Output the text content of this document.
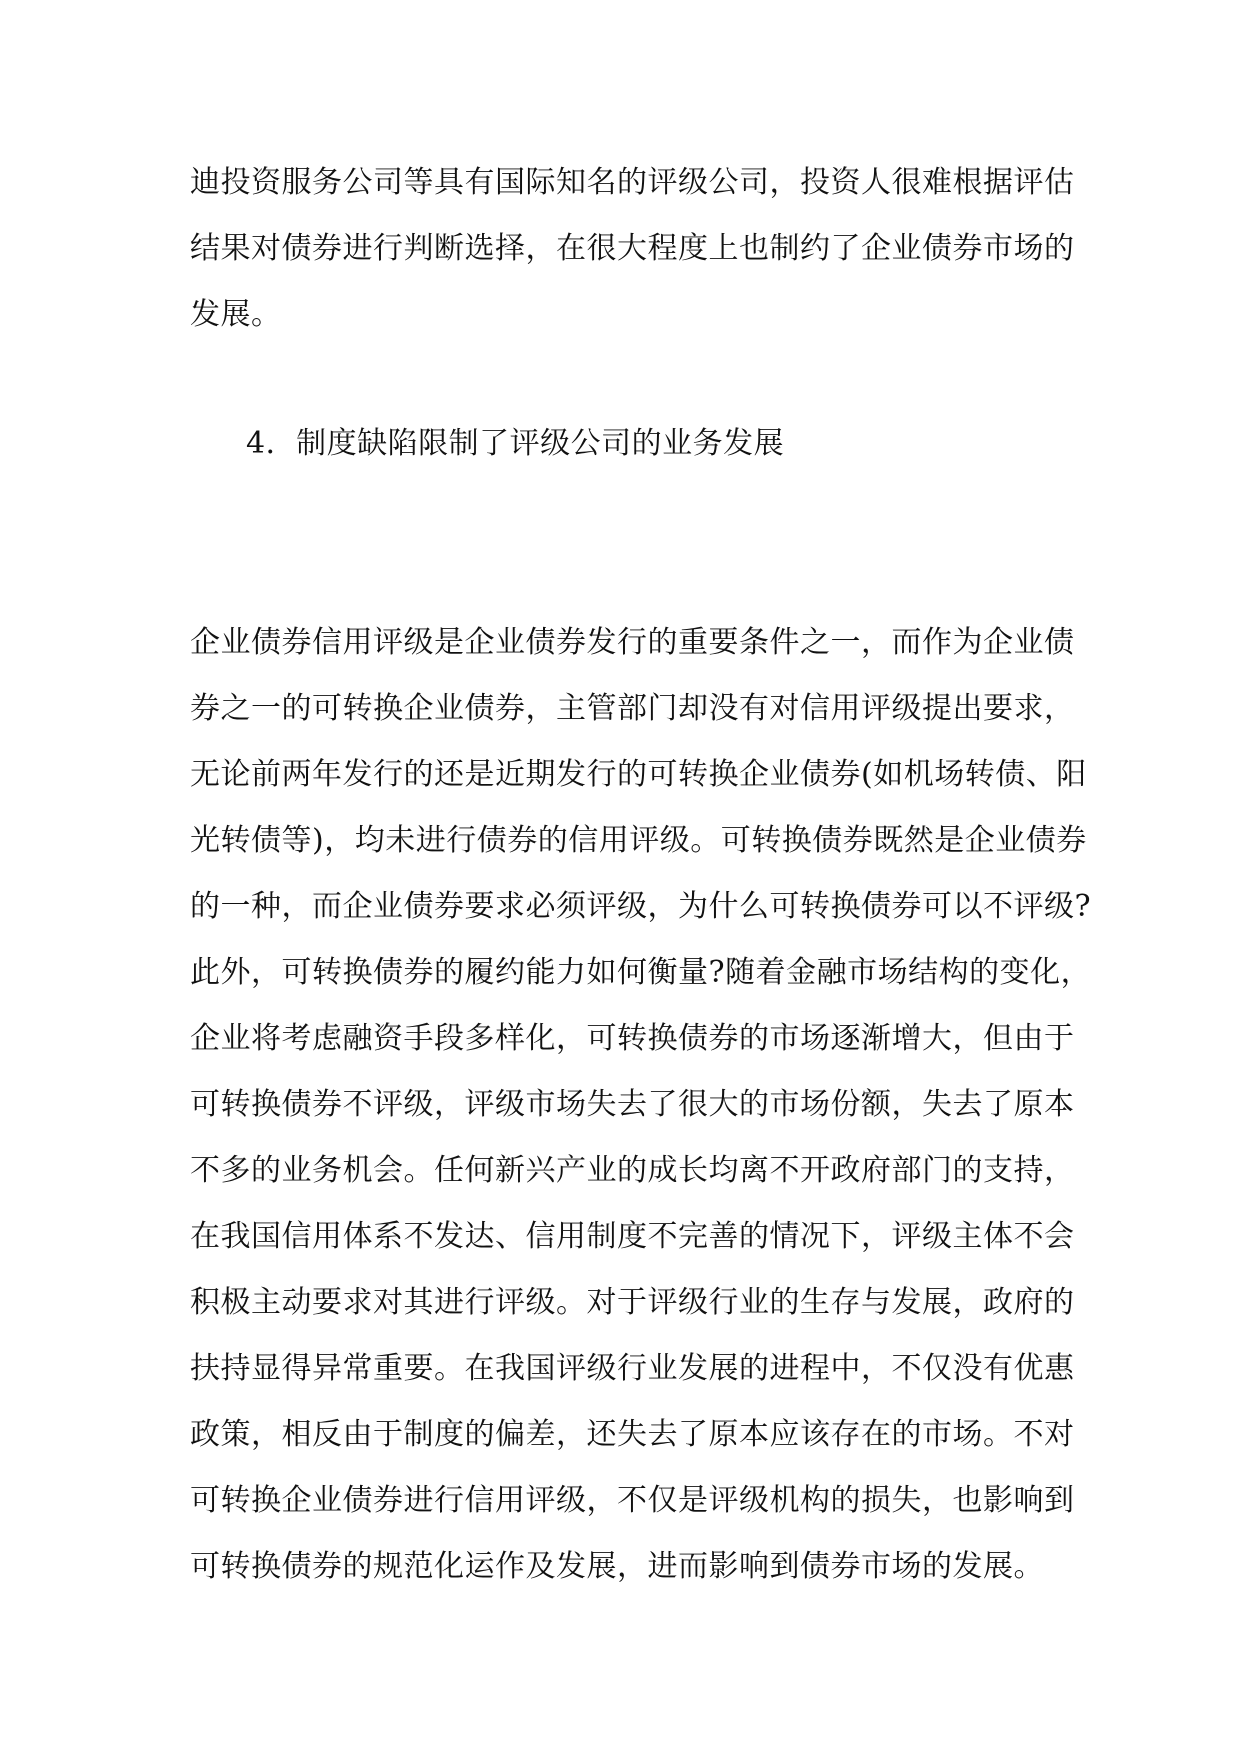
迪投资服务公司等具有国际知名的评级公司，投资人很难根据评估
结果对债券进行判断选择，在很大程度上也制约了企业债券市场的
发展。

4．制度缺陷限制了评级公司的业务发展

企业债券信用评级是企业债券发行的重要条件之一，而作为企业债
券之一的可转换企业债券，主管部门却没有对信用评级提出要求，
无论前两年发行的还是近期发行的可转换企业债券(如机场转债、阳
光转债等)，均未进行债券的信用评级。可转换债券既然是企业债券
的一种，而企业债券要求必须评级，为什么可转换债券可以不评级?
此外，可转换债券的履约能力如何衡量?随着金融市场结构的变化，
企业将考虑融资手段多样化，可转换债券的市场逐渐增大，但由于
可转换债券不评级，评级市场失去了很大的市场份额，失去了原本
不多的业务机会。任何新兴产业的成长均离不开政府部门的支持，
在我国信用体系不发达、信用制度不完善的情况下，评级主体不会
积极主动要求对其进行评级。对于评级行业的生存与发展，政府的
扶持显得异常重要。在我国评级行业发展的进程中，不仅没有优惠
政策，相反由于制度的偏差，还失去了原本应该存在的市场。不对
可转换企业债券进行信用评级，不仅是评级机构的损失，也影响到
可转换债券的规范化运作及发展，进而影响到债券市场的发展。
